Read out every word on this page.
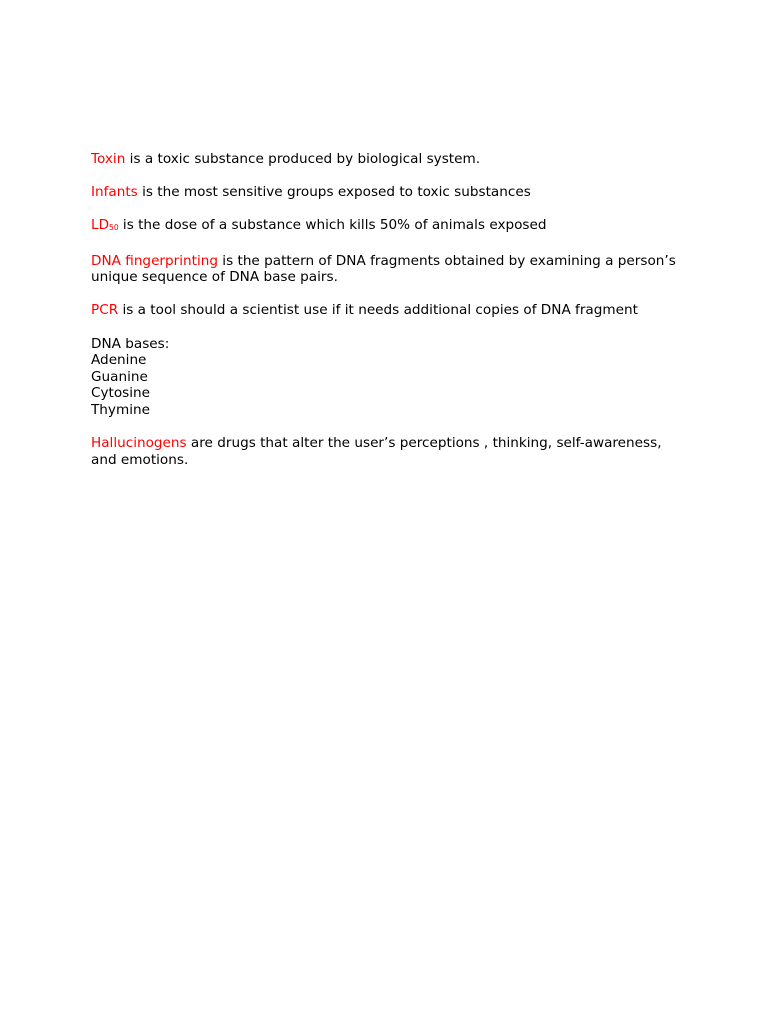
Toxin is a toxic substance produced by biological system.

Infants is the most sensitive groups exposed to toxic substances

LD50 is the dose of a substance which kills 50% of animals exposed

DNA fingerprinting is the pattern of DNA fragments obtained by examining a person’s unique sequence of DNA base pairs.

PCR is a tool should a scientist use if it needs additional copies of DNA fragment

DNA bases:
Adenine
Guanine
Cytosine
Thymine

Hallucinogens are drugs that alter the user’s perceptions , thinking, self-awareness, and emotions.
